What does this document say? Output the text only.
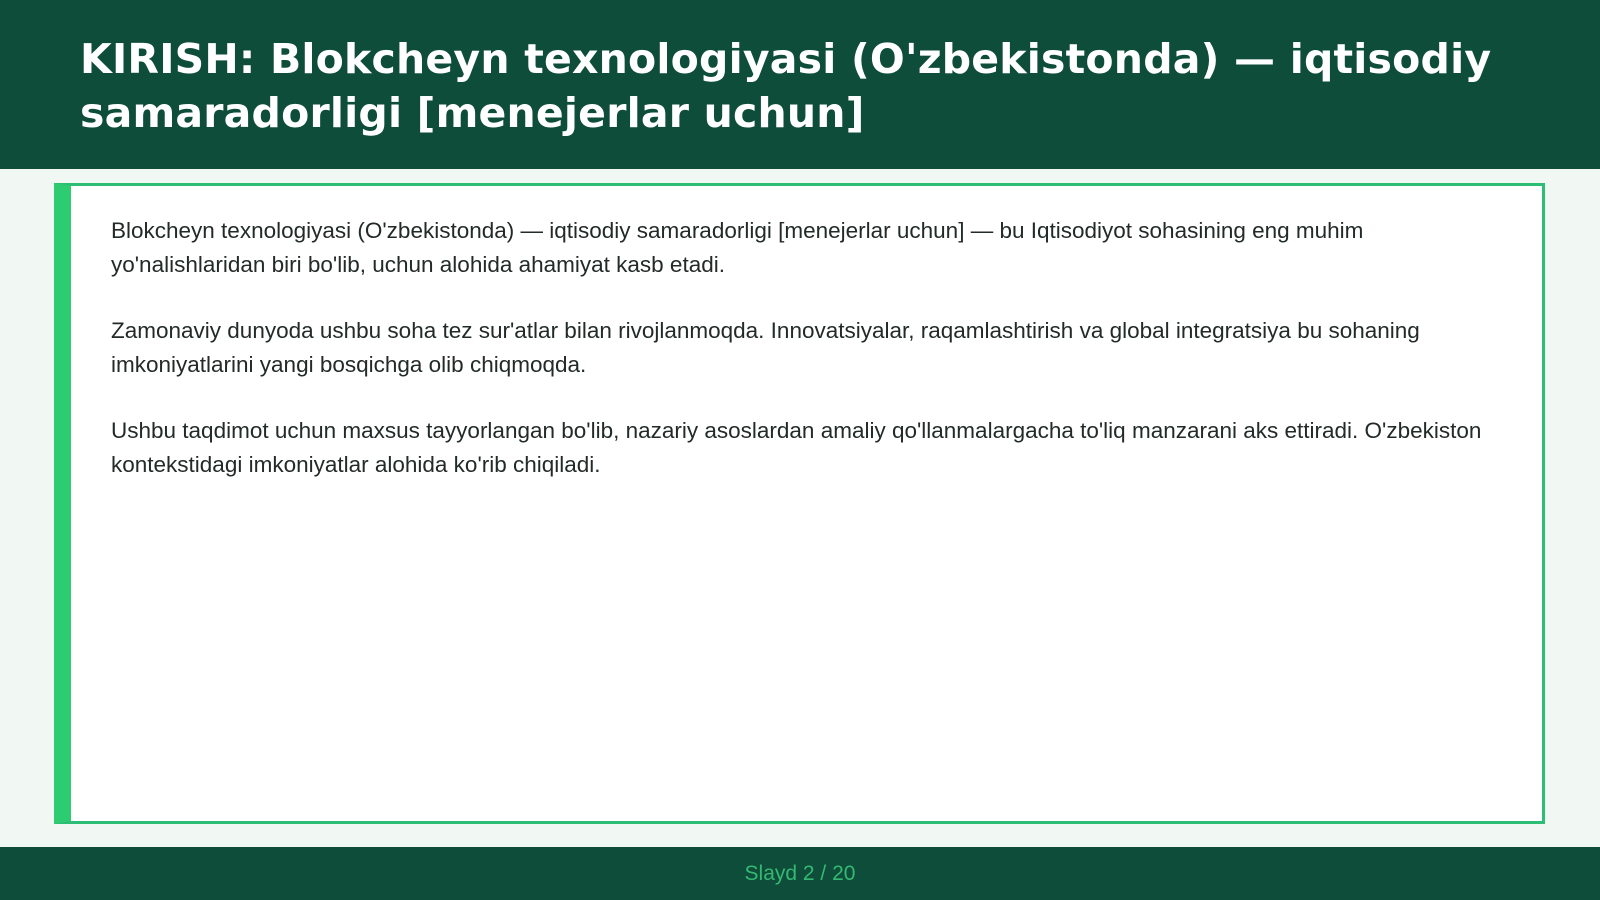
KIRISH: Blokcheyn texnologiyasi (O'zbekistonda) — iqtisodiy samaradorligi [menejerlar uchun]

Blokcheyn texnologiyasi (O'zbekistonda) — iqtisodiy samaradorligi [menejerlar uchun] — bu Iqtisodiyot sohasining eng muhim yo'nalishlaridan biri bo'lib, uchun alohida ahamiyat kasb etadi.

Zamonaviy dunyoda ushbu soha tez sur'atlar bilan rivojlanmoqda. Innovatsiyalar, raqamlashtirish va global integratsiya bu sohaning imkoniyatlarini yangi bosqichga olib chiqmoqda.

Ushbu taqdimot uchun maxsus tayyorlangan bo'lib, nazariy asoslardan amaliy qo'llanmalargacha to'liq manzarani aks ettiradi. O'zbekiston kontekstidagi imkoniyatlar alohida ko'rib chiqiladi.

Slayd 2 / 20
